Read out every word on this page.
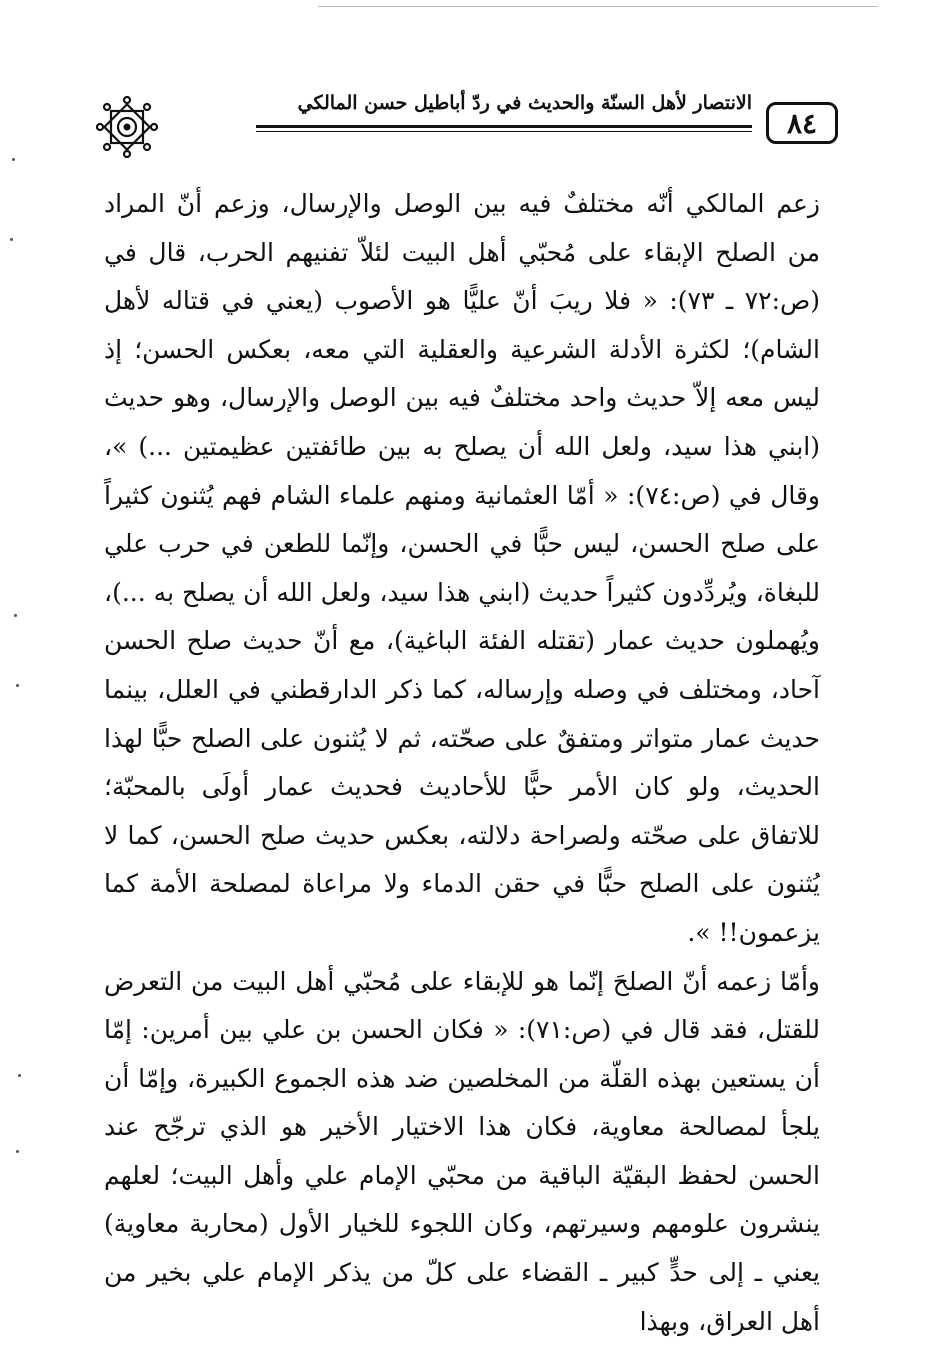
الانتصار لأهل السنّة والحديث في ردّ أباطيل حسن المالكي
٨٤

زعم المالكي أنّه مختلفٌ فيه بين الوصل والإرسال، وزعم أنّ المراد من الصلح الإبقاء على مُحبّي أهل البيت لئلاّ تفنيهم الحرب، قال في (ص:٧٢ ـ ٧٣): « فلا ريبَ أنّ عليًّا هو الأصوب (يعني في قتاله لأهل الشام)؛ لكثرة الأدلة الشرعية والعقلية التي معه، بعكس الحسن؛ إذ ليس معه إلاّ حديث واحد مختلفٌ فيه بين الوصل والإرسال، وهو حديث (ابني هذا سيد، ولعل الله أن يصلح به بين طائفتين عظيمتين ...) »، وقال في (ص:٧٤): « أمّا العثمانية ومنهم علماء الشام فهم يُثنون كثيراً على صلح الحسن، ليس حبًّا في الحسن، وإنّما للطعن في حرب علي للبغاة، ويُردِّدون كثيراً حديث (ابني هذا سيد، ولعل الله أن يصلح به ...)، ويُهملون حديث عمار (تقتله الفئة الباغية)، مع أنّ حديث صلح الحسن آحاد، ومختلف في وصله وإرساله، كما ذكر الدارقطني في العلل، بينما حديث عمار متواتر ومتفقٌ على صحّته، ثم لا يُثنون على الصلح حبًّا لهذا الحديث، ولو كان الأمر حبًّا للأحاديث فحديث عمار أولَى بالمحبّة؛ للاتفاق على صحّته ولصراحة دلالته، بعكس حديث صلح الحسن، كما لا يُثنون على الصلح حبًّا في حقن الدماء ولا مراعاة لمصلحة الأمة كما يزعمون!! ».

وأمّا زعمه أنّ الصلحَ إنّما هو للإبقاء على مُحبّي أهل البيت من التعرض للقتل، فقد قال في (ص:٧١): « فكان الحسن بن علي بين أمرين: إمّا أن يستعين بهذه القلّة من المخلصين ضد هذه الجموع الكبيرة، وإمّا أن يلجأ لمصالحة معاوية، فكان هذا الاختيار الأخير هو الذي ترجّح عند الحسن لحفظ البقيّة الباقية من محبّي الإمام علي وأهل البيت؛ لعلهم ينشرون علومهم وسيرتهم، وكان اللجوء للخيار الأول (محاربة معاوية) يعني ـ إلى حدٍّ كبير ـ القضاء على كلّ من يذكر الإمام علي بخير من أهل العراق، وبهذا
